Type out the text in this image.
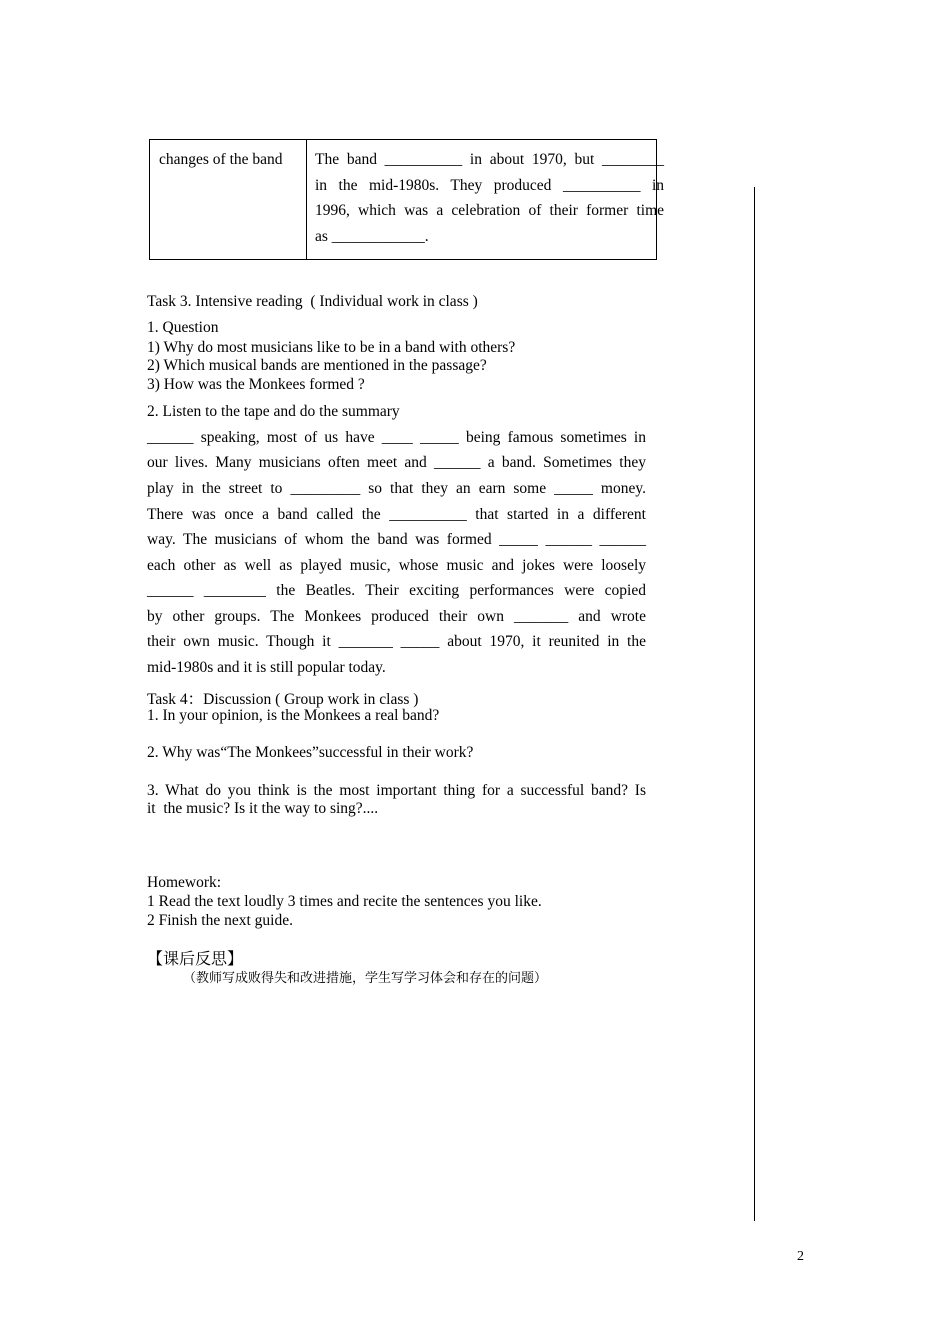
changes of the band The band __________ in about 1970, but ________
in the mid-1980s. They produced __________ in
1996, which was a celebration of their former time
as ____________.
Task 3. Intensive reading  ( Individual work in class )
1. Question
1) Why do most musicians like to be in a band with others?
2) Which musical bands are mentioned in the passage?
3) How was the Monkees formed ?
2. Listen to the tape and do the summary
______ speaking, most of us have ____ _____ being famous sometimes in
our lives. Many musicians often meet and ______ a band. Sometimes they
play in the street to _________ so that they an earn some _____ money.
There was once a band called the __________ that started in a different
way. The musicians of whom the band was formed _____ ______ ______
each other as well as played music, whose music and jokes were loosely
______ ________ the Beatles. Their exciting performances were copied
by other groups. The Monkees produced their own _______ and wrote
their own music. Though it _______ _____ about 1970, it reunited in the
mid-1980s and it is still popular today.
Task 4：Discussion ( Group work in class )
1. In your opinion, is the Monkees a real band?
2. Why was“The Monkees”successful in their work?
3. What do you think is the most important thing for a successful band? Is
it  the music? Is it the way to sing?....
Homework:
1 Read the text loudly 3 times and recite the sentences you like.
2 Finish the next guide.
【课后反思】
（教师写成败得失和改进措施，学生写学习体会和存在的问题）
2
